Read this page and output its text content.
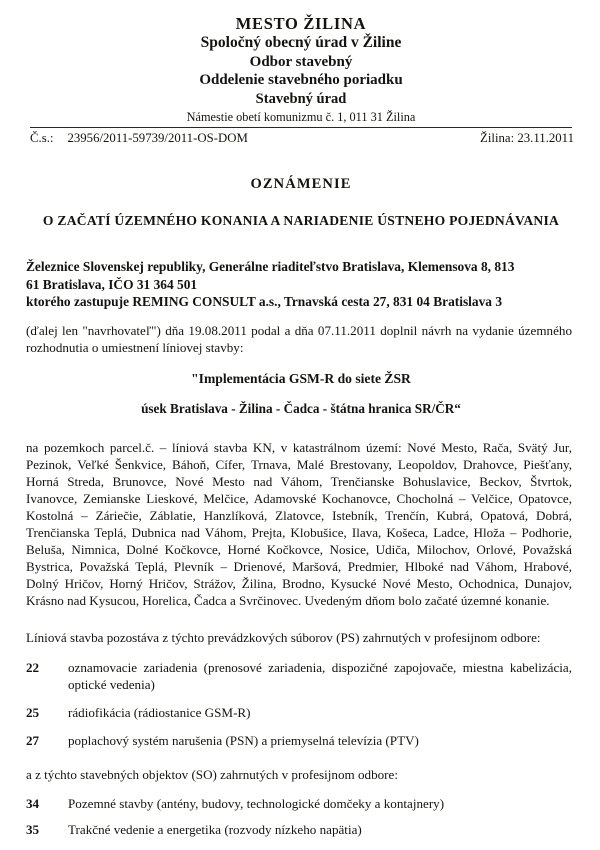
MESTO ŽILINA
Spoločný obecný úrad v Žiline
Odbor stavebný
Oddelenie stavebného poriadku
Stavebný úrad
Námestie obetí komunizmu č. 1, 011 31 Žilina
Č.s.: 23956/2011-59739/2011-OS-DOM	Žilina: 23.11.2011
OZNÁMENIE
O ZAČATÍ ÚZEMNÉHO KONANIA A NARIADENIE ÚSTNEHO POJEDNÁVANIA
Železnice Slovenskej republiky, Generálne riaditeľstvo Bratislava, Klemensova 8, 813
61 Bratislava, IČO 31 364 501
ktorého zastupuje REMING CONSULT a.s., Trnavská cesta 27, 831 04 Bratislava 3
(ďalej len "navrhovateľ") dňa 19.08.2011 podal a dňa 07.11.2011 doplnil návrh na vydanie územného rozhodnutia o umiestnení líniovej stavby:
"Implementácia GSM-R do siete ŽSR
úsek Bratislava - Žilina - Čadca - štátna hranica SR/ČR“
na pozemkoch parcel.č. – líniová stavba KN, v katastrálnom území: Nové Mesto, Rača, Svätý Jur, Pezinok, Veľké Šenkvice, Báhoň, Cífer, Trnava, Malé Brestovany, Leopoldov, Drahovce, Piešťany, Horná Streda, Brunovce, Nové Mesto nad Váhom, Trenčianske Bohuslavice, Beckov, Štvrtok, Ivanovce, Zemianske Lieskové, Melčice, Adamovské Kochanovce, Chocholná – Velčice, Opatovce, Kostolná – Záriečie, Záblatie, Hanzlíková, Zlatovce, Istebník, Trenčín, Kubrá, Opatová, Dobrá, Trenčianska Teplá, Dubnica nad Váhom, Prejta, Klobušice, Ilava, Košeca, Ladce, Hloža – Podhorie, Beluša, Nimnica, Dolné Kočkovce, Horné Kočkovce, Nosice, Udiča, Milochov, Orlové, Považská Bystrica, Považská Teplá, Plevník – Drienové, Maršová, Predmier, Hlboké nad Váhom, Hrabové, Dolný Hričov, Horný Hričov, Strážov, Žilina, Brodno, Kysucké Nové Mesto, Ochodnica, Dunajov, Krásno nad Kysucou, Horelica, Čadca a Svrčinovec. Uvedeným dňom bolo začaté územné konanie.
Líniová stavba pozostáva z týchto prevádzkových súborov (PS) zahrnutých v profesijnom odbore:
22	oznamovacie zariadenia (prenosové zariadenia, dispozičné zapojovače, miestna kabelizácia, optické vedenia)
25	rádiofikácia (rádiostanice GSM-R)
27	poplachový systém narušenia (PSN) a priemyselná televízia (PTV)
a z týchto stavebných objektov (SO) zahrnutých v profesijnom odbore:
34	Pozemné stavby (antény, budovy, technologické domčeky a kontajnery)
35	Trakčné vedenie a energetika (rozvody nízkeho napätia)
